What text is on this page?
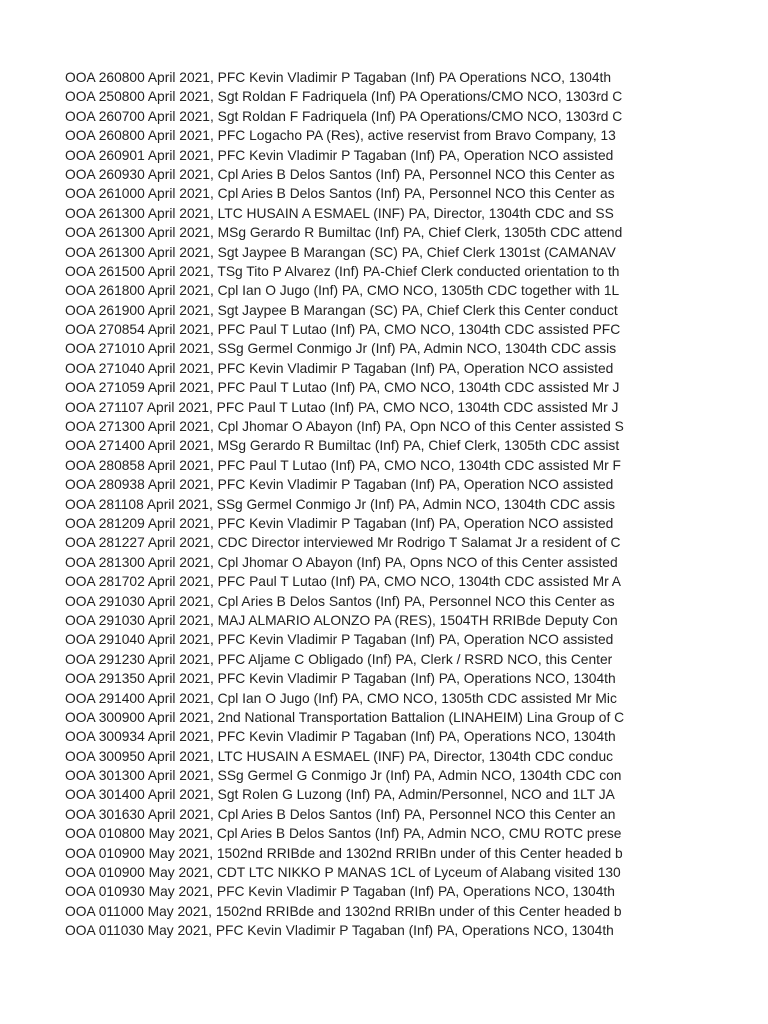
OOA 260800 April 2021, PFC Kevin Vladimir P Tagaban (Inf) PA Operations NCO, 1304th
OOA 250800 April 2021, Sgt Roldan F Fadriquela (Inf) PA Operations/CMO NCO, 1303rd C
OOA 260700 April 2021, Sgt Roldan F Fadriquela (Inf) PA Operations/CMO NCO, 1303rd C
OOA 260800 April 2021, PFC Logacho PA (Res), active reservist from Bravo Company, 13
OOA 260901 April 2021, PFC Kevin Vladimir P Tagaban (Inf) PA, Operation NCO assisted
OOA 260930 April 2021, Cpl Aries B Delos Santos (Inf) PA, Personnel NCO this Center as
OOA 261000 April 2021, Cpl Aries B Delos Santos (Inf) PA, Personnel NCO this Center as
OOA 261300 April 2021, LTC HUSAIN A ESMAEL (INF) PA, Director, 1304th CDC and SS
OOA 261300 April 2021, MSg Gerardo R Bumiltac (Inf) PA, Chief Clerk, 1305th CDC attend
OOA 261300 April 2021, Sgt Jaypee B Marangan (SC) PA, Chief Clerk 1301st (CAMANAV
OOA 261500 April 2021, TSg Tito P Alvarez (Inf) PA-Chief Clerk conducted orientation to th
OOA 261800 April 2021, Cpl Ian O Jugo (Inf) PA, CMO NCO, 1305th CDC together with 1L
OOA 261900 April 2021, Sgt Jaypee B Marangan (SC) PA, Chief Clerk this Center conduct
OOA 270854 April 2021, PFC Paul T Lutao (Inf) PA, CMO NCO, 1304th CDC assisted PFC
OOA 271010 April 2021, SSg Germel Conmigo Jr (Inf) PA, Admin NCO, 1304th CDC assis
OOA 271040 April 2021, PFC Kevin Vladimir P Tagaban (Inf) PA, Operation NCO assisted
OOA 271059 April 2021, PFC Paul T Lutao (Inf) PA, CMO NCO, 1304th CDC assisted Mr J
OOA 271107 April 2021, PFC Paul T Lutao (Inf) PA, CMO NCO, 1304th CDC assisted Mr J
OOA 271300 April 2021, Cpl Jhomar O Abayon (Inf) PA, Opn NCO of this Center assisted S
OOA 271400 April 2021, MSg Gerardo R Bumiltac (Inf) PA, Chief Clerk, 1305th CDC assist
OOA 280858 April 2021, PFC Paul T Lutao (Inf) PA, CMO NCO, 1304th CDC assisted Mr F
OOA 280938 April 2021, PFC Kevin Vladimir P Tagaban (Inf) PA, Operation NCO assisted
OOA 281108 April 2021, SSg Germel Conmigo Jr (Inf) PA, Admin NCO, 1304th CDC assis
OOA 281209 April 2021, PFC Kevin Vladimir P Tagaban (Inf) PA, Operation NCO assisted
OOA 281227 April 2021, CDC Director interviewed Mr Rodrigo T Salamat Jr a resident of C
OOA 281300 April 2021, Cpl Jhomar O Abayon (Inf) PA, Opns NCO of this Center assisted
OOA 281702 April 2021, PFC Paul T Lutao (Inf) PA, CMO NCO, 1304th CDC assisted Mr A
OOA 291030 April 2021, Cpl Aries B Delos Santos (Inf) PA, Personnel NCO this Center as
OOA 291030 April 2021, MAJ ALMARIO ALONZO PA (RES), 1504TH RRIBde Deputy Con
OOA 291040 April 2021, PFC Kevin Vladimir P Tagaban (Inf) PA, Operation NCO assisted
OOA 291230 April 2021, PFC Aljame C Obligado (Inf) PA, Clerk / RSRD NCO, this Center
OOA 291350 April 2021, PFC Kevin Vladimir P Tagaban (Inf) PA, Operations NCO, 1304th
OOA 291400 April 2021, Cpl Ian O Jugo (Inf) PA, CMO NCO, 1305th CDC assisted Mr Mic
OOA 300900 April 2021, 2nd National Transportation Battalion (LINAHEIM) Lina Group of C
OOA 300934 April 2021, PFC Kevin Vladimir P Tagaban (Inf) PA, Operations NCO, 1304th
OOA 300950 April 2021, LTC HUSAIN A ESMAEL (INF) PA, Director, 1304th CDC conduc
OOA 301300 April 2021, SSg Germel G Conmigo Jr (Inf) PA, Admin NCO, 1304th CDC con
OOA 301400 April 2021, Sgt Rolen G Luzong (Inf) PA, Admin/Personnel, NCO and 1LT JA
OOA 301630 April 2021, Cpl Aries B Delos Santos (Inf) PA, Personnel NCO this Center an
OOA 010800 May 2021, Cpl Aries B Delos Santos (Inf) PA, Admin NCO, CMU ROTC prese
OOA 010900 May 2021, 1502nd RRIBde and 1302nd RRIBn under of this Center headed b
OOA 010900 May 2021, CDT LTC NIKKO P MANAS 1CL of Lyceum of Alabang visited 130
OOA 010930 May 2021, PFC Kevin Vladimir P Tagaban (Inf) PA, Operations NCO, 1304th
OOA 011000 May 2021, 1502nd RRIBde and 1302nd RRIBn under of this Center headed b
OOA 011030 May 2021, PFC Kevin Vladimir P Tagaban (Inf) PA, Operations NCO, 1304th
